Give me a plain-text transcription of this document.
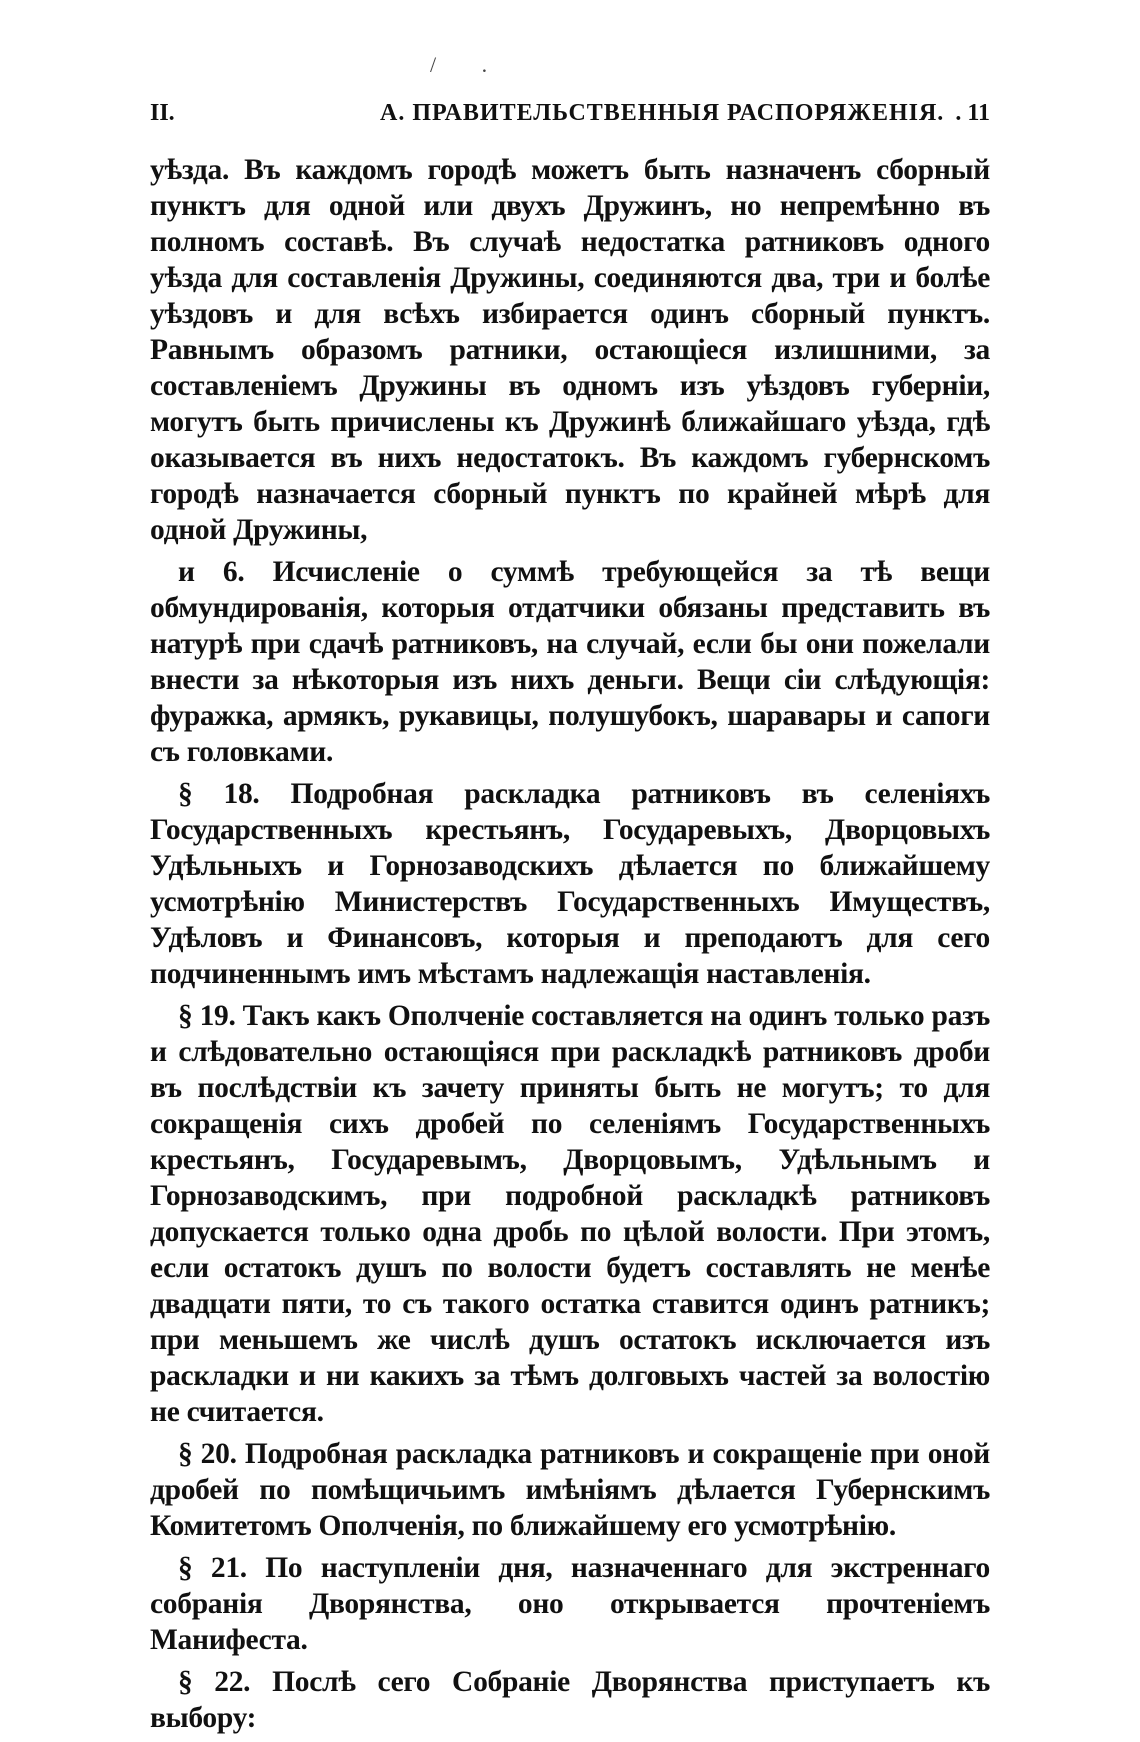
/ .
II.	А. ПРАВИТЕЛЬСТВЕННЫЯ РАСПОРЯЖЕНІЯ. . 11

уѣзда. Въ каждомъ городѣ можетъ быть назначенъ сборный пунктъ для одной или двухъ Дружинъ, но непремѣнно въ полномъ составѣ. Въ случаѣ недостатка ратниковъ одного уѣзда для составленія Дружины, соединяются два, три и болѣе уѣздовъ и для всѣхъ избирается одинъ сборный пунктъ. Равнымъ образомъ ратники, остающіеся излишними, за составленіемъ Дружины въ одномъ изъ уѣздовъ губерніи, могутъ быть причислены къ Дружинѣ ближайшаго уѣзда, гдѣ оказывается въ нихъ недостатокъ. Въ каждомъ губернскомъ городѣ назначается сборный пунктъ по крайней мѣрѣ для одной Дружины,

и 6. Исчисленіе о суммѣ требующейся за тѣ вещи обмундированія, которыя отдатчики обязаны представить въ натурѣ при сдачѣ ратниковъ, на случай, если бы они пожелали внести за нѣкоторыя изъ нихъ деньги. Вещи сіи слѣдующія: фуражка, армякъ, рукавицы, полушубокъ, шаравары и сапоги съ головками.

§ 18. Подробная раскладка ратниковъ въ селеніяхъ Государственныхъ крестьянъ, Государевыхъ, Дворцовыхъ Удѣльныхъ и Горнозаводскихъ дѣлается по ближайшему усмотрѣнію Министерствъ Государственныхъ Имуществъ, Удѣловъ и Финансовъ, которыя и преподаютъ для сего подчиненнымъ имъ мѣстамъ надлежащія наставленія.

§ 19. Такъ какъ Ополченіе составляется на одинъ только разъ и слѣдовательно остающіяся при раскладкѣ ратниковъ дроби въ послѣдствіи къ зачету приняты быть не могутъ; то для сокращенія сихъ дробей по селеніямъ Государственныхъ крестьянъ, Государевымъ, Дворцовымъ, Удѣльнымъ и Горнозаводскимъ, при подробной раскладкѣ ратниковъ допускается только одна дробь по цѣлой волости. При этомъ, если остатокъ душъ по волости будетъ составлять не менѣе двадцати пяти, то съ такого остатка ставится одинъ ратникъ; при меньшемъ же числѣ душъ остатокъ исключается изъ раскладки и ни какихъ за тѣмъ долговыхъ частей за волостію не считается.

§ 20. Подробная раскладка ратниковъ и сокращеніе при оной дробей по помѣщичьимъ имѣніямъ дѣлается Губернскимъ Комитетомъ Ополченія, по ближайшему его усмотрѣнію.

§ 21. По наступленіи дня, назначеннаго для экстреннаго собранія Дворянства, оно открывается прочтеніемъ Манифеста.

§ 22. Послѣ сего Собраніе Дворянства приступаетъ къ выбору:
